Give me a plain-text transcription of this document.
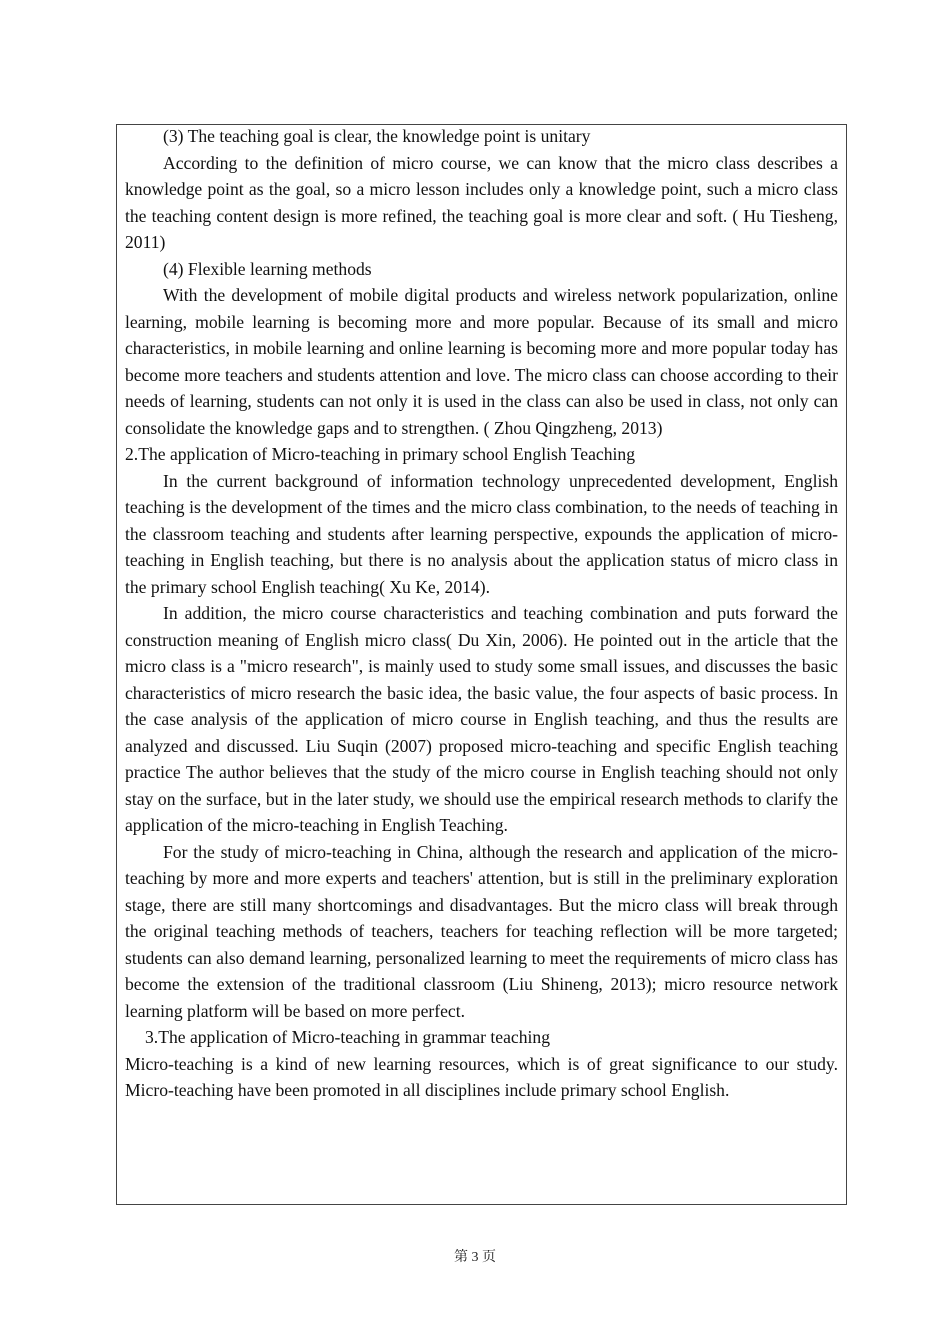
(3) The teaching goal is clear, the knowledge point is unitary

According to the definition of micro course, we can know that the micro class describes a knowledge point as the goal, so a micro lesson includes only a knowledge point, such a micro class the teaching content design is more refined, the teaching goal is more clear and soft. ( Hu Tiesheng, 2011)

(4) Flexible learning methods

With the development of mobile digital products and wireless network popularization, online learning, mobile learning is becoming more and more popular. Because of its small and micro characteristics, in mobile learning and online learning is becoming more and more popular today has become more teachers and students attention and love. The micro class can choose according to their needs of learning, students can not only it is used in the class can also be used in class, not only can consolidate the knowledge gaps and to strengthen. ( Zhou Qingzheng, 2013)

2.The application of Micro-teaching in primary school English Teaching

In the current background of information technology unprecedented development, English teaching is the development of the times and the micro class combination, to the needs of teaching in the classroom teaching and students after learning perspective, expounds the application of micro-teaching in English teaching, but there is no analysis about the application status of micro class in the primary school English teaching( Xu Ke, 2014).

In addition, the micro course characteristics and teaching combination and puts forward the construction meaning of English micro class( Du Xin, 2006). He pointed out in the article that the micro class is a "micro research", is mainly used to study some small issues, and discusses the basic characteristics of micro research the basic idea, the basic value, the four aspects of basic process. In the case analysis of the application of micro course in English teaching, and thus the results are analyzed and discussed. Liu Suqin (2007) proposed micro-teaching and specific English teaching practice The author believes that the study of the micro course in English teaching should not only stay on the surface, but in the later study, we should use the empirical research methods to clarify the application of the micro-teaching in English Teaching.

For the study of micro-teaching in China, although the research and application of the micro-teaching by more and more experts and teachers' attention, but is still in the preliminary exploration stage, there are still many shortcomings and disadvantages. But the micro class will break through the original teaching methods of teachers, teachers for teaching reflection will be more targeted; students can also demand learning, personalized learning to meet the requirements of micro class has become the extension of the traditional classroom (Liu Shineng, 2013); micro resource network learning platform will be based on more perfect.

3.The application of Micro-teaching in grammar teaching

Micro-teaching is a kind of new learning resources, which is of great significance to our study. Micro-teaching have been promoted in all disciplines include primary school English.

第 3 页
